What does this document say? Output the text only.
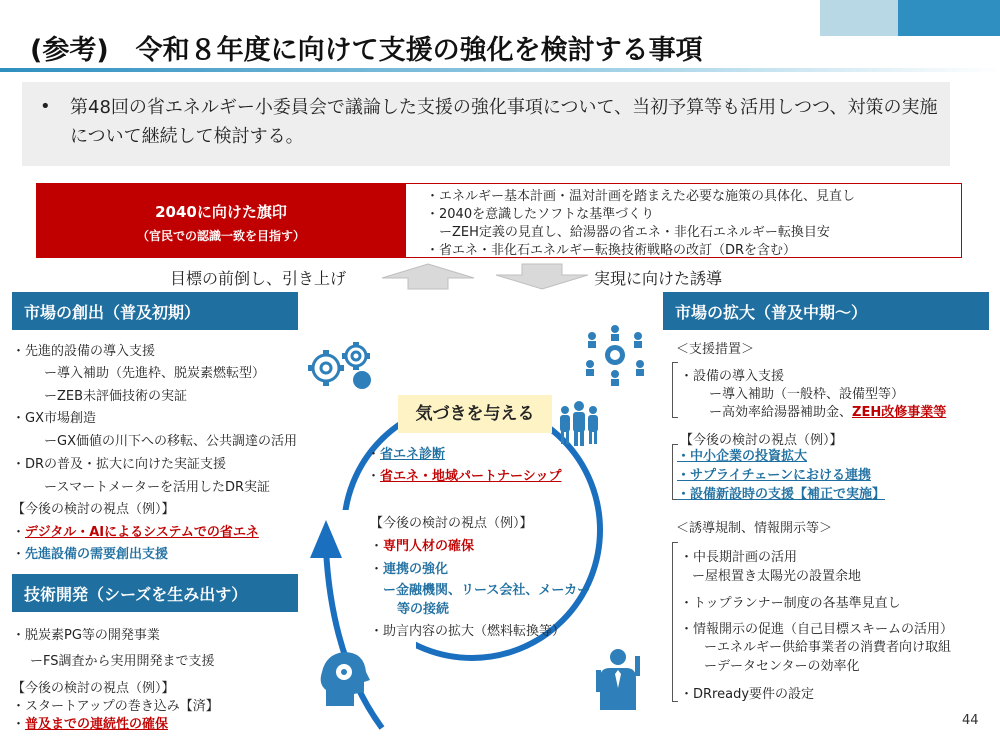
(参考)　令和８年度に向けて支援の強化を検討する事項
• 第48回の省エネルギー小委員会で議論した支援の強化事項について、当初予算等も活用しつつ、対策の実施について継続して検討する。
2040に向けた旗印
（官民での認識一致を目指す）
・エネルギー基本計画・温対計画を踏まえた必要な施策の具体化、見直し
・2040を意識したソフトな基準づくり
　ーZEH定義の見直し、給湯器の省エネ・非化石エネルギー転換目安
・省エネ・非化石エネルギー転換技術戦略の改訂（DRを含む）
目標の前倒し、引き上げ	実現に向けた誘導
気づきを与える
・省エネ診断
・省エネ・地域パートナーシップ
【今後の検討の視点（例）】
・専門人材の確保
・連携の強化
ー金融機関、リース会社、メーカー
等の接続
・助言内容の拡大（燃料転換等）
市場の創出（普及初期）
・先進的設備の導入支援
ー導入補助（先進枠、脱炭素燃転型）
ーZEB未評価技術の実証
・GX市場創造
ーGX価値の川下への移転、公共調達の活用
・DRの普及・拡大に向けた実証支援
ースマートメーターを活用したDR実証
【今後の検討の視点（例）】
・デジタル・AIによるシステムでの省エネ
・先進設備の需要創出支援
技術開発（シーズを生み出す）
・脱炭素PG等の開発事業
ーFS調査から実用開発まで支援
【今後の検討の視点（例）】
・スタートアップの巻き込み【済】
・普及までの連続性の確保
市場の拡大（普及中期〜）
＜支援措置＞
・設備の導入支援
ー導入補助（一般枠、設備型等）
ー高効率給湯器補助金、ZEH改修事業等
【今後の検討の視点（例）】
・中小企業の投資拡大
・サプライチェーンにおける連携
・設備新設時の支援【補正で実施】
＜誘導規制、情報開示等＞
・中長期計画の活用
ー屋根置き太陽光の設置余地
・トップランナー制度の各基準見直し
・情報開示の促進（自己目標スキームの活用）
ーエネルギー供給事業者の消費者向け取組
ーデータセンターの効率化
・DRready要件の設定
44
